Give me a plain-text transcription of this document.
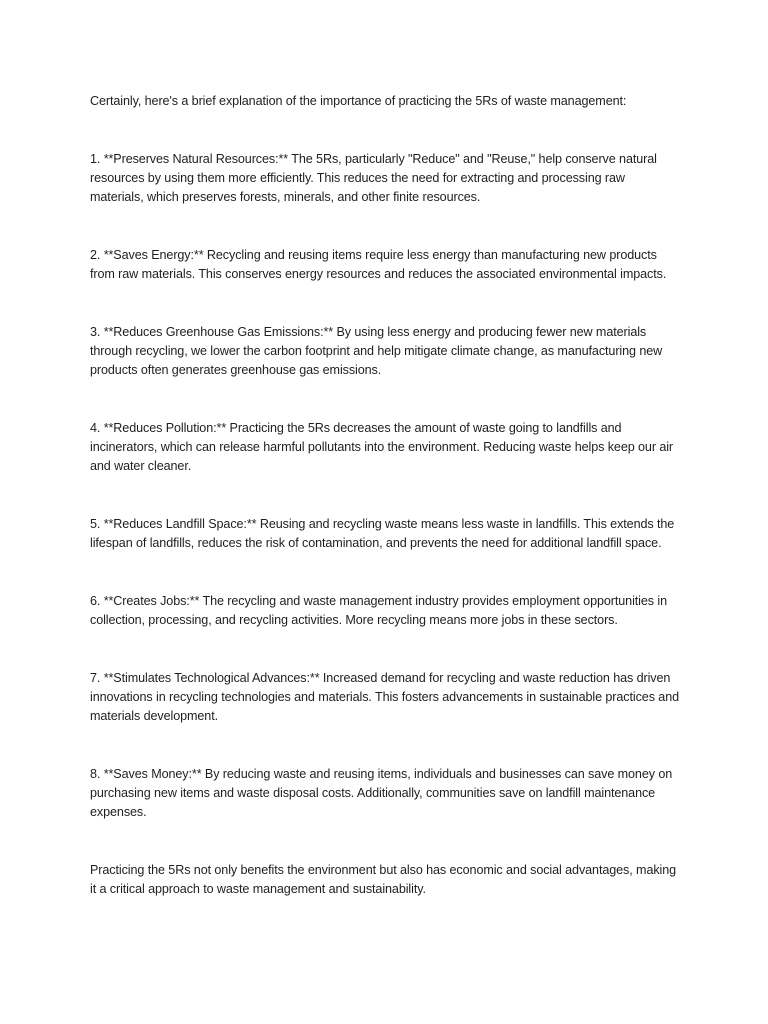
Certainly, here's a brief explanation of the importance of practicing the 5Rs of waste management:

1. **Preserves Natural Resources:** The 5Rs, particularly "Reduce" and "Reuse," help conserve natural resources by using them more efficiently. This reduces the need for extracting and processing raw materials, which preserves forests, minerals, and other finite resources.

2. **Saves Energy:** Recycling and reusing items require less energy than manufacturing new products from raw materials. This conserves energy resources and reduces the associated environmental impacts.

3. **Reduces Greenhouse Gas Emissions:** By using less energy and producing fewer new materials through recycling, we lower the carbon footprint and help mitigate climate change, as manufacturing new products often generates greenhouse gas emissions.

4. **Reduces Pollution:** Practicing the 5Rs decreases the amount of waste going to landfills and incinerators, which can release harmful pollutants into the environment. Reducing waste helps keep our air and water cleaner.

5. **Reduces Landfill Space:** Reusing and recycling waste means less waste in landfills. This extends the lifespan of landfills, reduces the risk of contamination, and prevents the need for additional landfill space.

6. **Creates Jobs:** The recycling and waste management industry provides employment opportunities in collection, processing, and recycling activities. More recycling means more jobs in these sectors.

7. **Stimulates Technological Advances:** Increased demand for recycling and waste reduction has driven innovations in recycling technologies and materials. This fosters advancements in sustainable practices and materials development.

8. **Saves Money:** By reducing waste and reusing items, individuals and businesses can save money on purchasing new items and waste disposal costs. Additionally, communities save on landfill maintenance expenses.

Practicing the 5Rs not only benefits the environment but also has economic and social advantages, making it a critical approach to waste management and sustainability.
